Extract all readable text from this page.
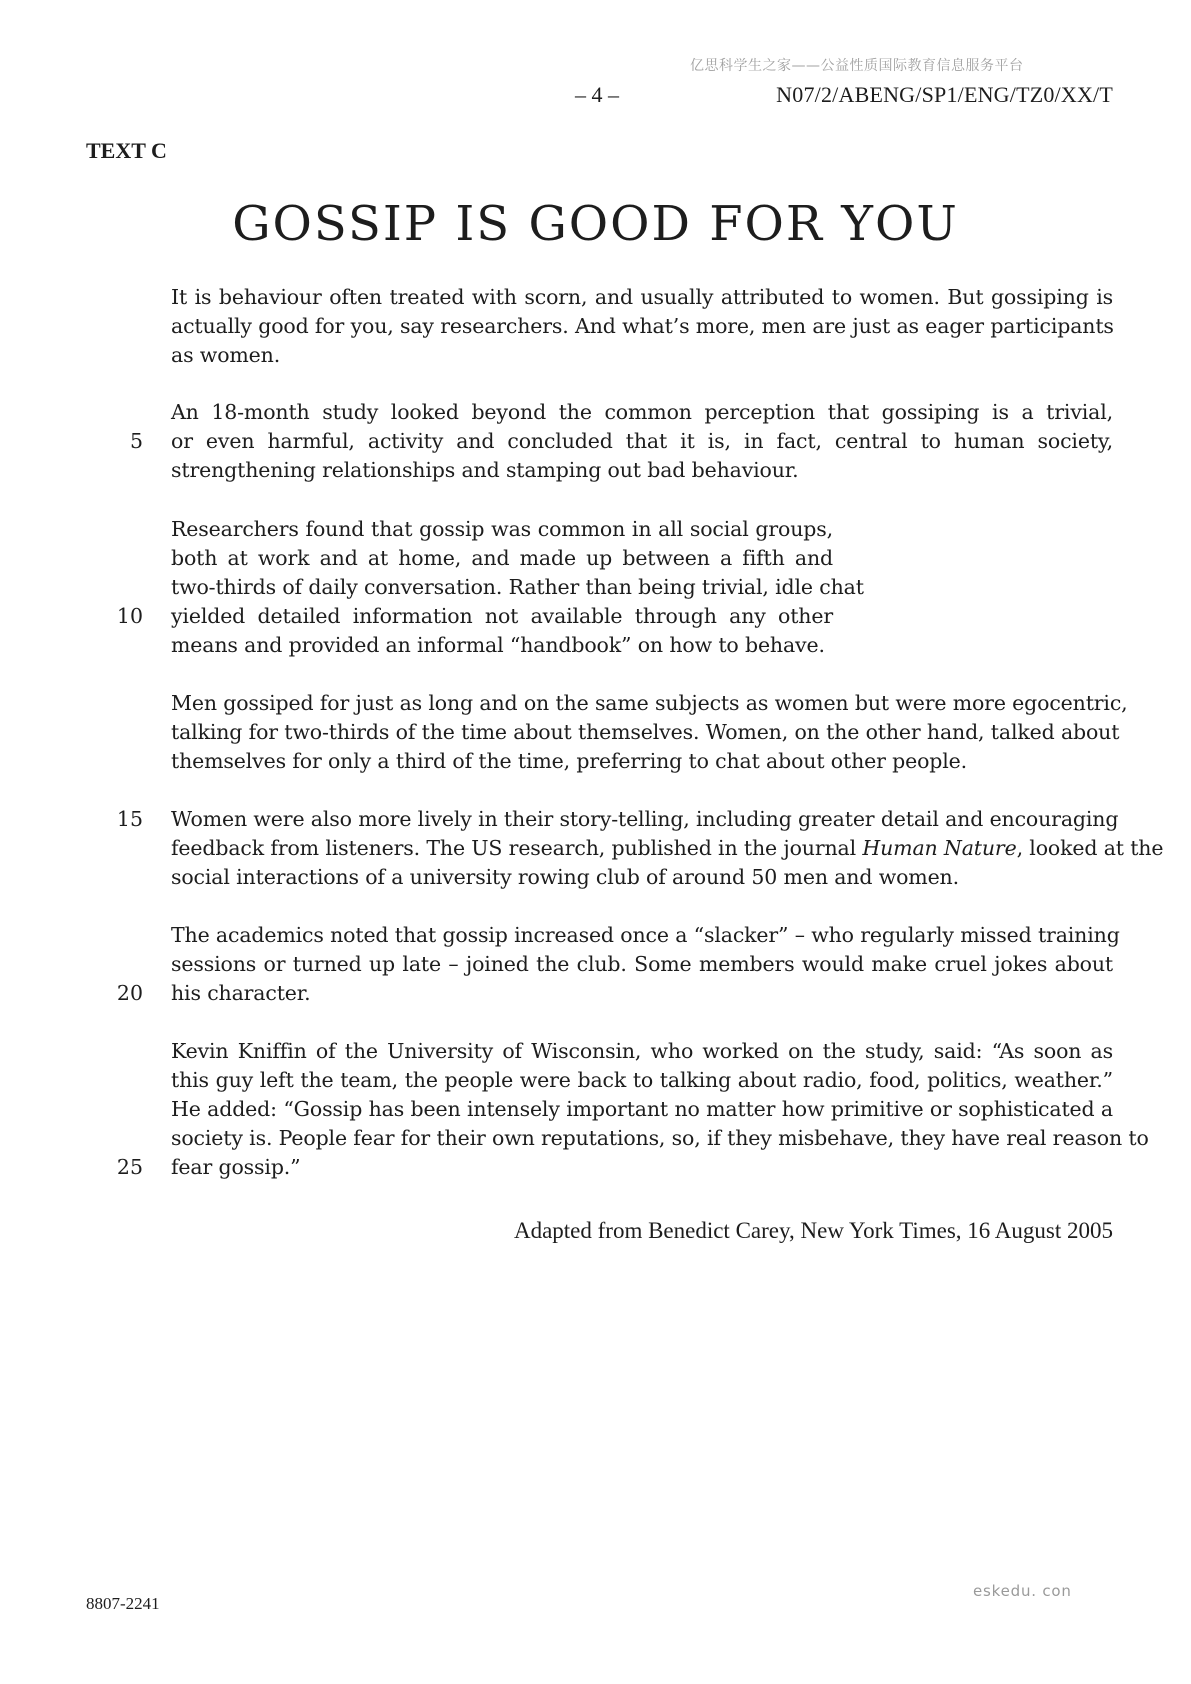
亿思科学生之家——公益性质国际教育信息服务平台
– 4 –	N07/2/ABENG/SP1/ENG/TZ0/XX/T
TEXT C
GOSSIP IS GOOD FOR YOU
It is behaviour often treated with scorn, and usually attributed to women. But gossiping is
actually good for you, say researchers. And what’s more, men are just as eager participants
as women.
An 18-month study looked beyond the common perception that gossiping is a trivial,
5 or even harmful, activity and concluded that it is, in fact, central to human society,
strengthening relationships and stamping out bad behaviour.
Researchers found that gossip was common in all social groups,
both at work and at home, and made up between a fifth and
two-thirds of daily conversation. Rather than being trivial, idle chat
10 yielded detailed information not available through any other
means and provided an informal “handbook” on how to behave.
Men gossiped for just as long and on the same subjects as women but were more egocentric,
talking for two-thirds of the time about themselves. Women, on the other hand, talked about
themselves for only a third of the time, preferring to chat about other people.
15 Women were also more lively in their story-telling, including greater detail and encouraging
feedback from listeners. The US research, published in the journal Human Nature, looked at the
social interactions of a university rowing club of around 50 men and women.
The academics noted that gossip increased once a “slacker” – who regularly missed training
sessions or turned up late – joined the club. Some members would make cruel jokes about
20 his character.
Kevin Kniffin of the University of Wisconsin, who worked on the study, said: “As soon as
this guy left the team, the people were back to talking about radio, food, politics, weather.”
He added: “Gossip has been intensely important no matter how primitive or sophisticated a
society is. People fear for their own reputations, so, if they misbehave, they have real reason to
25 fear gossip.”
Adapted from Benedict Carey, New York Times, 16 August 2005
8807-2241
eskedu. con
